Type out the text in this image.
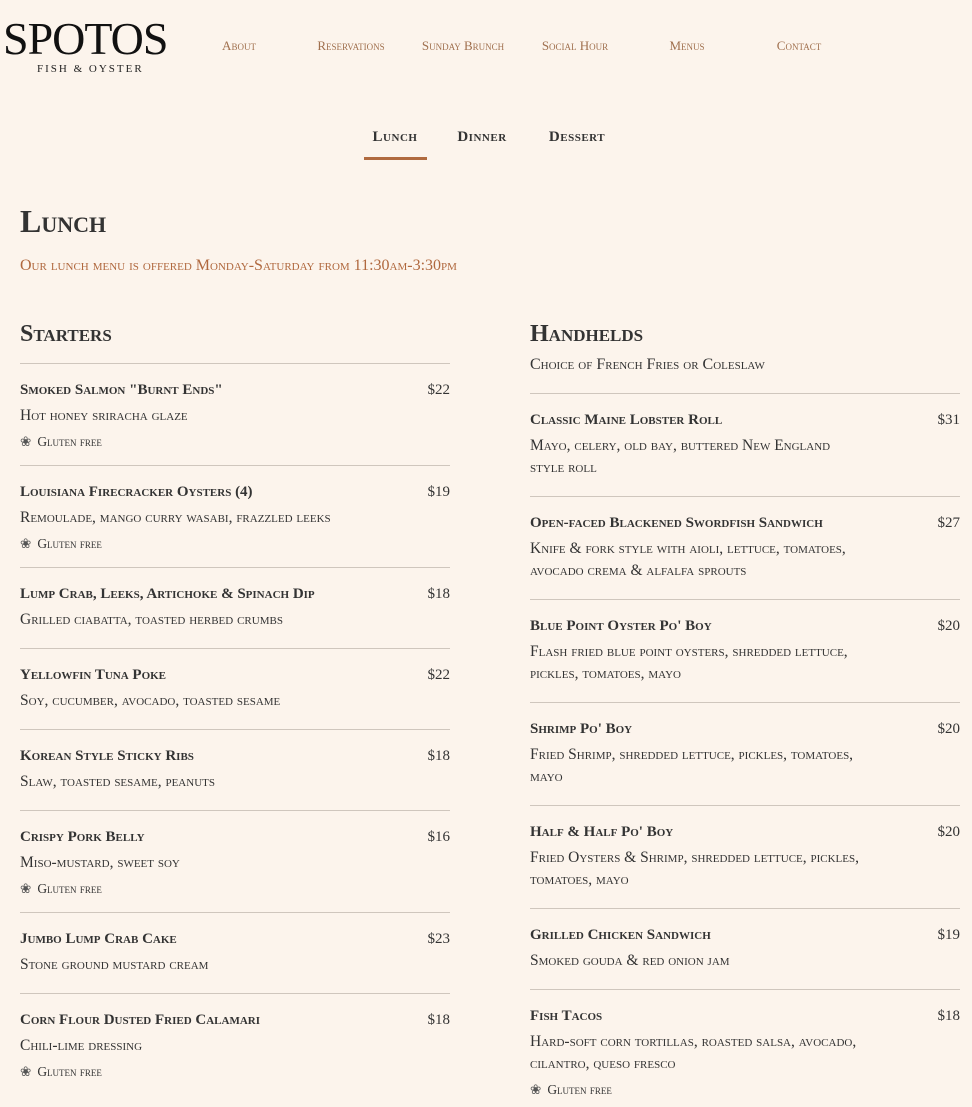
SPOTOS
FISH & OYSTER
About	Reservations	Sunday Brunch	Social Hour	Menus	Contact
Lunch	Dinner	Dessert
Lunch
Our lunch menu is offered Monday-Saturday from 11:30am-3:30pm
Starters	Handhelds
Choice of French Fries or Coleslaw
Smoked Salmon "Burnt Ends"	$22
Hot honey sriracha glaze
❀ Gluten free
Louisiana Firecracker Oysters (4)	$19
Remoulade, mango curry wasabi, frazzled leeks
❀ Gluten free
Lump Crab, Leeks, Artichoke & Spinach Dip	$18
Grilled ciabatta, toasted herbed crumbs
Yellowfin Tuna Poke	$22
Soy, cucumber, avocado, toasted sesame
Korean Style Sticky Ribs	$18
Slaw, toasted sesame, peanuts
Crispy Pork Belly	$16
Miso-mustard, sweet soy
❀ Gluten free
Jumbo Lump Crab Cake	$23
Stone ground mustard cream
Corn Flour Dusted Fried Calamari	$18
Chili-lime dressing
❀ Gluten free
Classic Maine Lobster Roll	$31
Mayo, celery, old bay, buttered New England style roll
Open-faced Blackened Swordfish Sandwich	$27
Knife & fork style with aioli, lettuce, tomatoes, avocado crema & alfalfa sprouts
Blue Point Oyster Po' Boy	$20
Flash fried blue point oysters, shredded lettuce, pickles, tomatoes, mayo
Shrimp Po' Boy	$20
Fried Shrimp, shredded lettuce, pickles, tomatoes, mayo
Half & Half Po' Boy	$20
Fried Oysters & Shrimp, shredded lettuce, pickles, tomatoes, mayo
Grilled Chicken Sandwich	$19
Smoked gouda & red onion jam
Fish Tacos	$18
Hard-soft corn tortillas, roasted salsa, avocado, cilantro, queso fresco
❀ Gluten free
